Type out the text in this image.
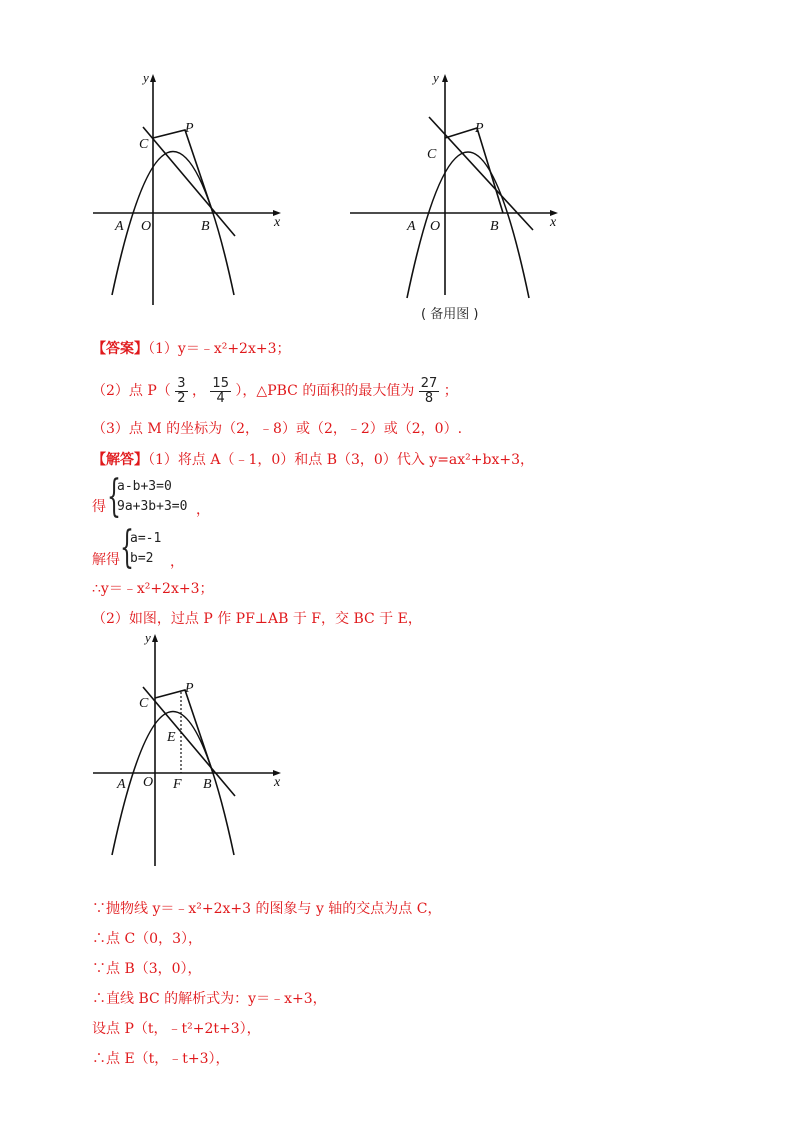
y
x
O
A	B
C
P
y
x
O
A	B
C
P
( 备用图 )
【答案】（1）y＝﹣x²+2x+3；
（2）点 $P( \frac{3}{2}$ ， $\frac{15}{4}$ ），△PBC 的面积的最大值为 $\frac{27}{8}$ ；
（3）点 M 的坐标为（2，﹣8）或（2，﹣2）或（2，0）.
【解答】（1）将点 A（﹣1，0）和点 B（3，0）代入 y=ax²+bx+3，
得 {
a-b+3=0
9a+3b+3=0 ，
解得 {
a=-1
b=2	，
∴y＝﹣x²+2x+3；
（2）如图，过点 P 作 PF⊥AB 于 F，交 BC 于 E，
y
x
O
A	B
C
P
E
F
∵抛物线 y＝﹣x²+2x+3 的图象与 y 轴的交点为点 C，
∴点 C（0，3），
∵点 B（3，0），
∴直线 BC 的解析式为：y＝﹣x+3，
设点 P（t，﹣t²+2t+3），
∴点 E（t，﹣t+3），
